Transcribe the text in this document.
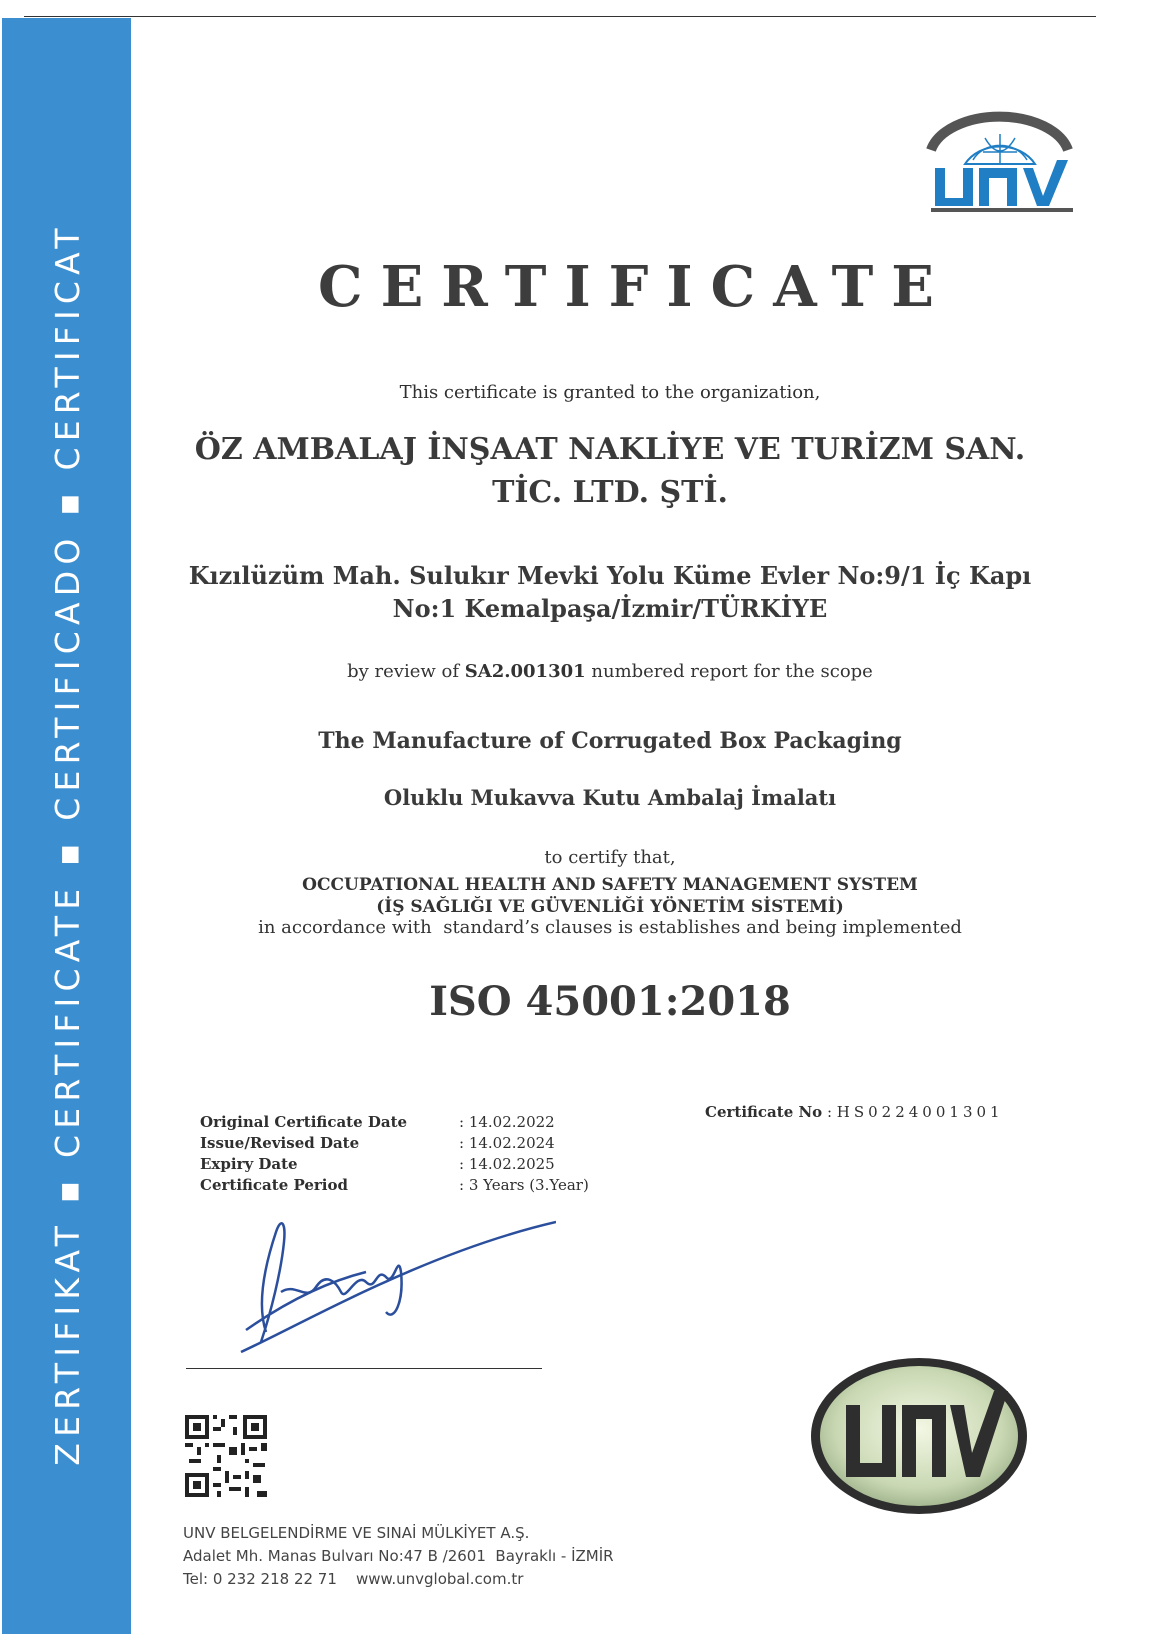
ZERTIFIKAT ▪ CERTIFICATE ▪ CERTIFICADO ▪ CERTIFICAT	CERTIFICATE
This certificate is granted to the organization,
ÖZ AMBALAJ İNŞAAT NAKLİYE VE TURİZM SAN.
TİC. LTD. ŞTİ.
Kızılüzüm Mah. Sulukır Mevki Yolu Küme Evler No:9/1 İç Kapı
No:1 Kemalpaşa/İzmir/TÜRKİYE
by review of SA2.001301 numbered report for the scope
The Manufacture of Corrugated Box Packaging
Oluklu Mukavva Kutu Ambalaj İmalatı
to certify that,
OCCUPATIONAL HEALTH AND SAFETY MANAGEMENT SYSTEM
(İŞ SAĞLIĞI VE GÜVENLİĞİ YÖNETİM SİSTEMİ)
in accordance with  standard’s clauses is establishes and being implemented
ISO 45001:2018
Original Certificate Date	: 14.02.2022
Issue/Revised Date	: 14.02.2024
Expiry Date	: 14.02.2025
Certificate Period	: 3 Years (3.Year)
Certificate No : HS0224001301
UNV BELGELENDİRME VE SINAİ MÜLKİYET A.Ş.
Adalet Mh. Manas Bulvarı No:47 B /2601  Bayraklı - İZMİR
Tel: 0 232 218 22 71    www.unvglobal.com.tr
